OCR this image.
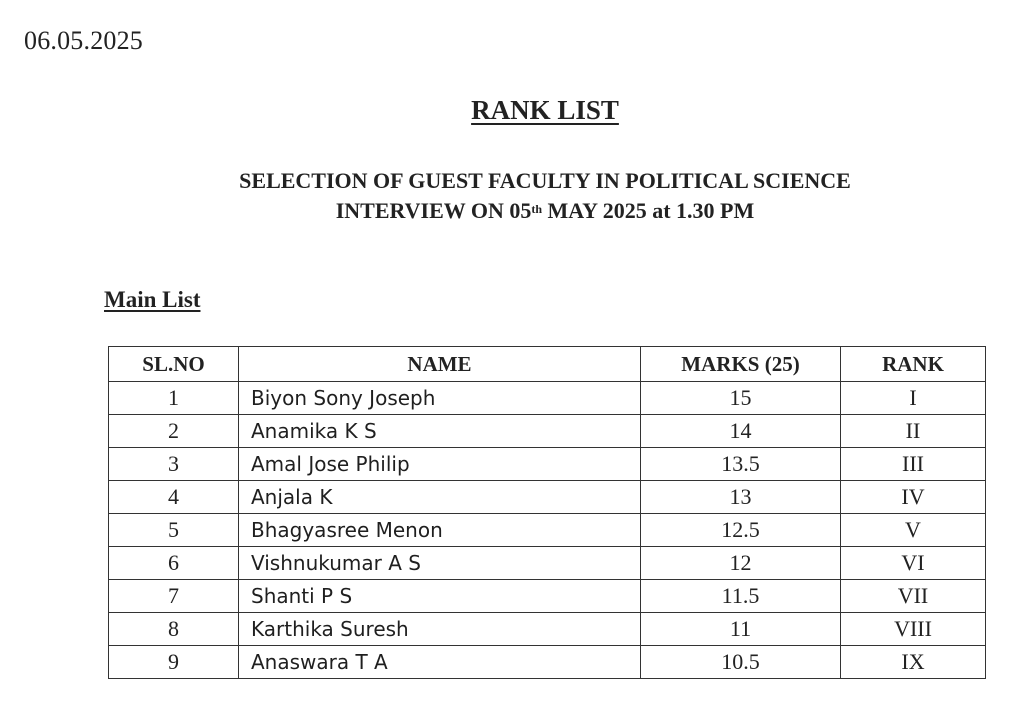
06.05.2025
RANK LIST
SELECTION OF GUEST FACULTY IN POLITICAL SCIENCE
INTERVIEW ON 05th MAY 2025 at 1.30 PM
Main List
SL.NO	NAME	MARKS (25)	RANK
1	Biyon Sony Joseph	15	I
2	Anamika K S	14	II
3	Amal Jose Philip	13.5	III
4	Anjala K	13	IV
5	Bhagyasree Menon	12.5	V
6	Vishnukumar A S	12	VI
7	Shanti P S	11.5	VII
8	Karthika Suresh	11	VIII
9	Anaswara T A	10.5	IX
